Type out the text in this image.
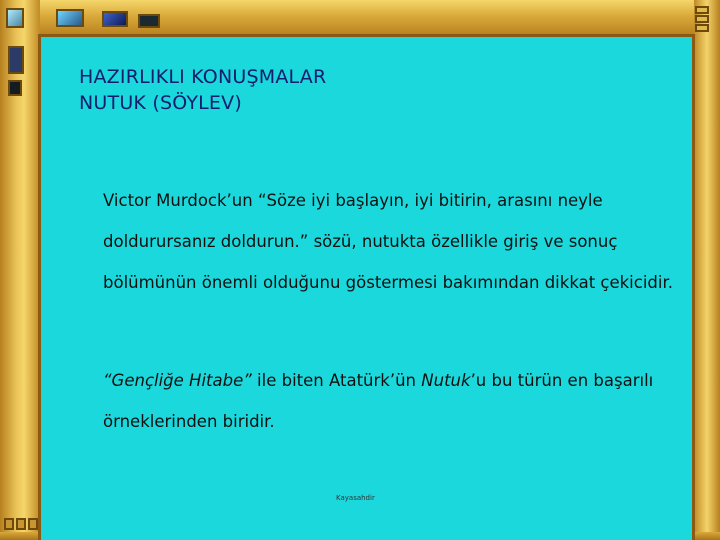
HAZIRLIKLI KONUŞMALAR
NUTUK (SÖYLEV)

Victor Murdock’un “Söze iyi başlayın, iyi bitirin, arasını neyle doldurursanız doldurun.” sözü, nutukta özellikle giriş ve sonuç bölümünün önemli olduğunu göstermesi bakımından dikkat çekicidir.

“Gençliğe Hitabe” ile biten Atatürk’ün Nutuk’u bu türün en başarılı örneklerinden biridir.

Kayasahdir
